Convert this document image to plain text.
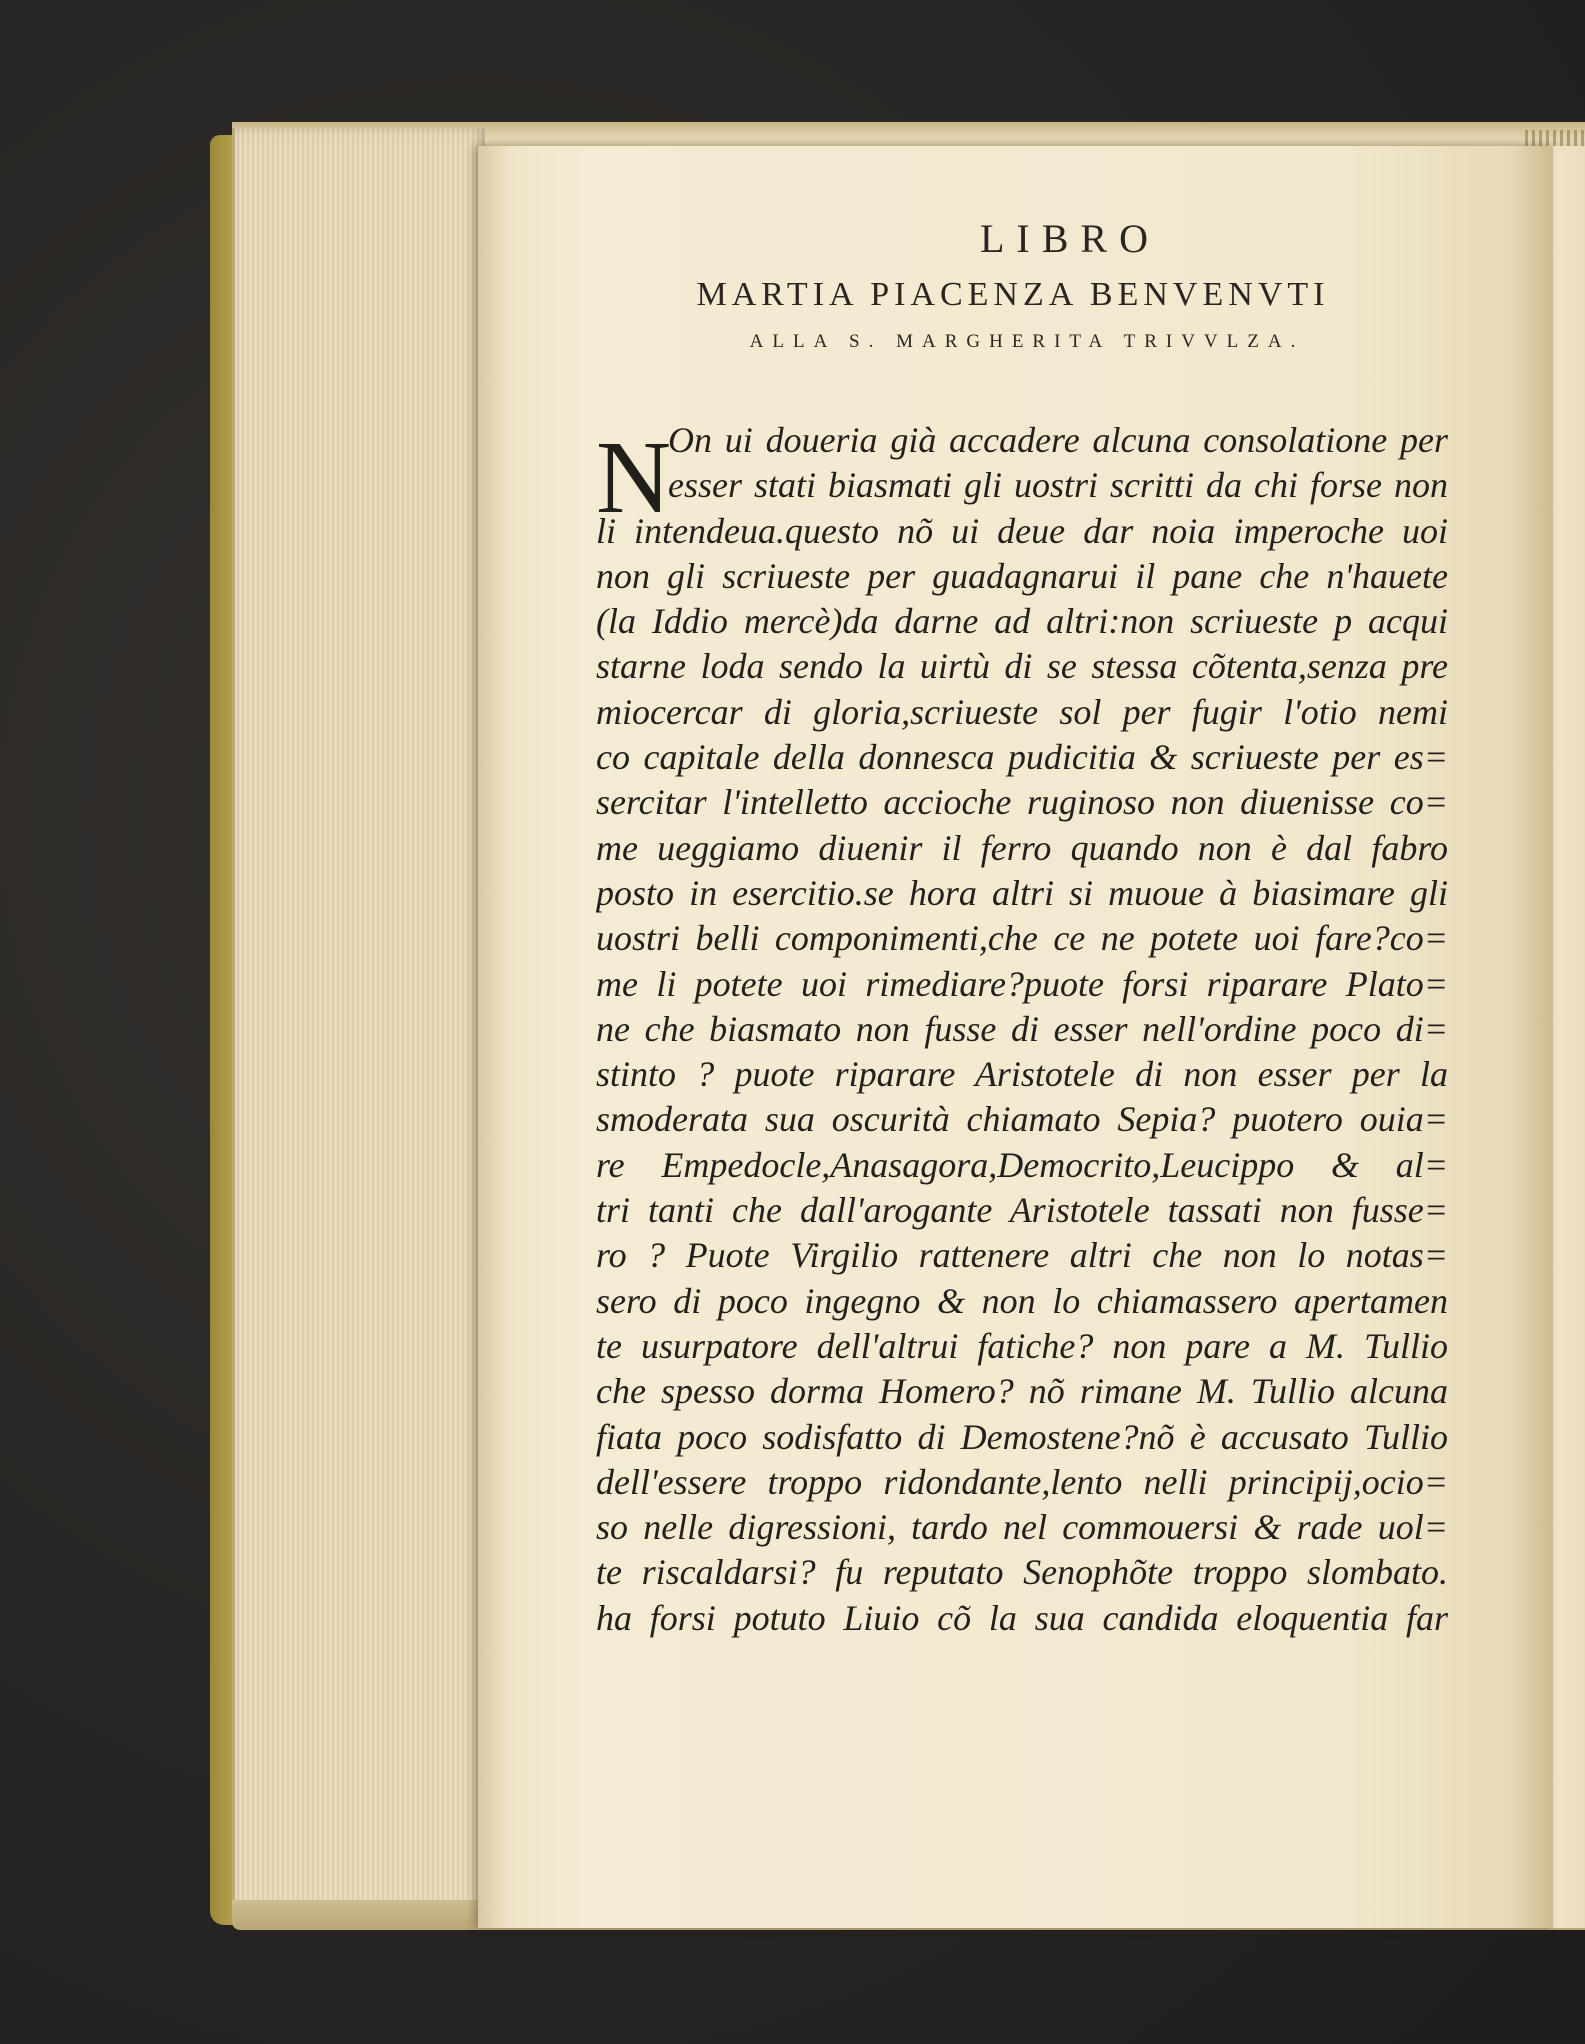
LIBRO

MARTIA PIACENZA BENVENVTI

ALLA S. MARGHERITA TRIVVLZA.

N
On ui doueria già accadere alcuna consolatione per
esser stati biasmati gli uostri scritti da chi forse non
li intendeua.questo nõ ui deue dar noia imperoche uoi
non gli scriueste per guadagnarui il pane che n'hauete
(la Iddio mercè)da darne ad altri:non scriueste p acqui
starne loda sendo la uirtù di se stessa cõtenta,senza pre
miocercar di gloria,scriueste sol per fugir l'otio nemi
co capitale della donnesca pudicitia & scriueste per es=
sercitar l'intelletto accioche ruginoso non diuenisse co=
me ueggiamo diuenir il ferro quando non è dal fabro
posto in esercitio.se hora altri si muoue à biasimare gli
uostri belli componimenti,che ce ne potete uoi fare?co=
me li potete uoi rimediare?puote forsi riparare Plato=
ne che biasmato non fusse di esser nell'ordine poco di=
stinto ? puote riparare Aristotele di non esser per la
smoderata sua oscurità chiamato Sepia? puotero ouia=
re Empedocle,Anasagora,Democrito,Leucippo & al=
tri tanti che dall'arogante Aristotele tassati non fusse=
ro ? Puote Virgilio rattenere altri che non lo notas=
sero di poco ingegno & non lo chiamassero apertamen
te usurpatore dell'altrui fatiche? non pare a M. Tullio
che spesso dorma Homero? nõ rimane M. Tullio alcuna
fiata poco sodisfatto di Demostene?nõ è accusato Tullio
dell'essere troppo ridondante,lento nelli principij,ocio=
so nelle digressioni, tardo nel commouersi & rade uol=
te riscaldarsi? fu reputato Senophõte troppo slombato.
ha forsi potuto Liuio cõ la sua candida eloquentia far
